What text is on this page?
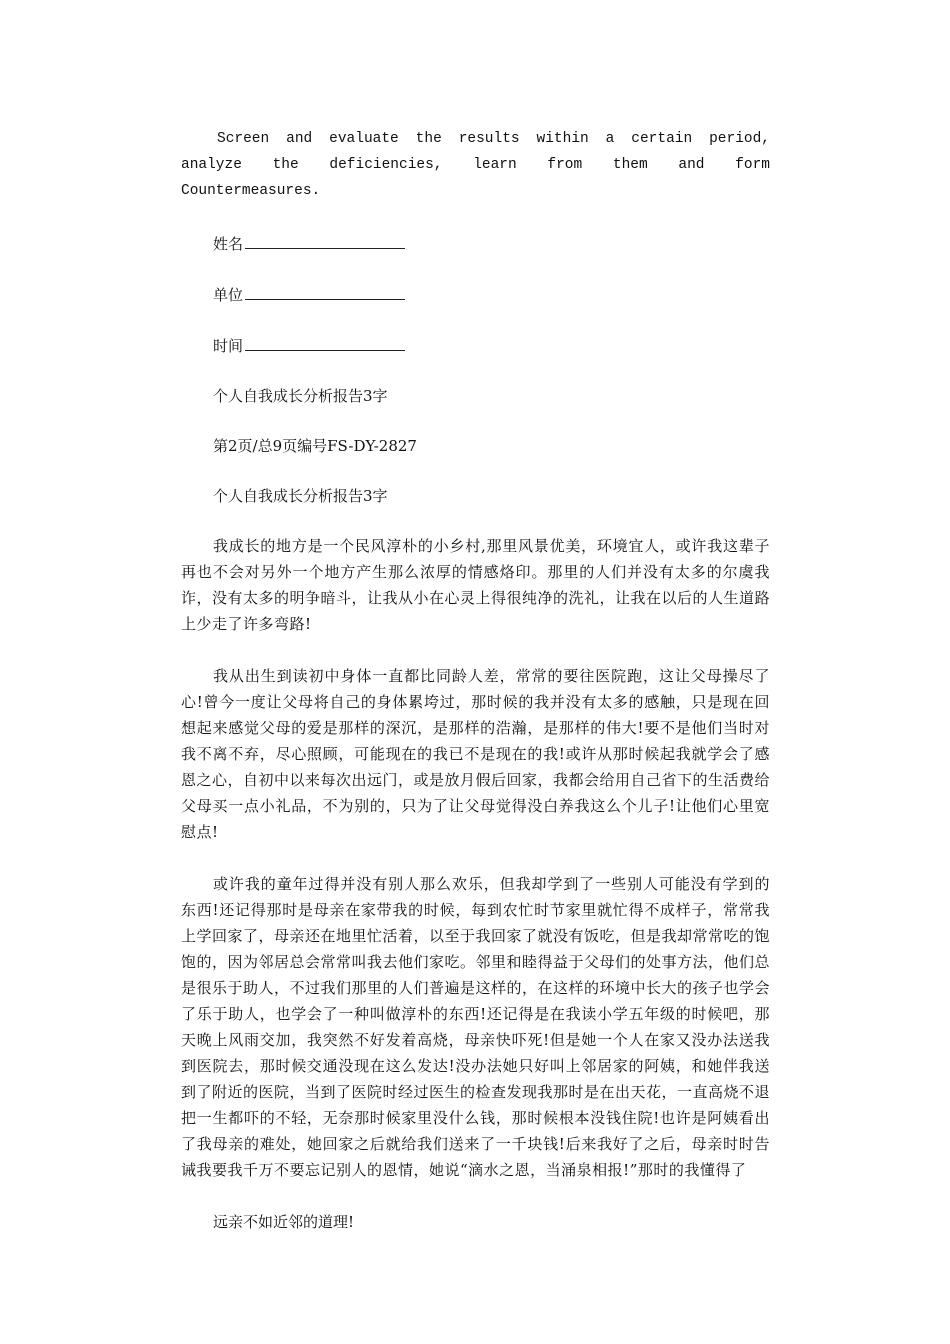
Screen and evaluate the results within a certain period, analyze the deficiencies, learn from them and form Countermeasures.

姓名
单位
时间
个人自我成长分析报告3字
第2页/总9页编号FS-DY-2827
个人自我成长分析报告3字

我成长的地方是一个民风淳朴的小乡村,那里风景优美，环境宜人，或许我这辈子再也不会对另外一个地方产生那么浓厚的情感烙印。那里的人们并没有太多的尔虞我诈，没有太多的明争暗斗，让我从小在心灵上得很纯净的洗礼，让我在以后的人生道路上少走了许多弯路!

我从出生到读初中身体一直都比同龄人差，常常的要往医院跑，这让父母操尽了心!曾今一度让父母将自己的身体累垮过，那时候的我并没有太多的感触，只是现在回想起来感觉父母的爱是那样的深沉，是那样的浩瀚，是那样的伟大!要不是他们当时对我不离不弃，尽心照顾，可能现在的我已不是现在的我!或许从那时候起我就学会了感恩之心，自初中以来每次出远门，或是放月假后回家，我都会给用自己省下的生活费给父母买一点小礼品，不为别的，只为了让父母觉得没白养我这么个儿子!让他们心里宽慰点!

或许我的童年过得并没有别人那么欢乐，但我却学到了一些别人可能没有学到的东西!还记得那时是母亲在家带我的时候，每到农忙时节家里就忙得不成样子，常常我上学回家了，母亲还在地里忙活着，以至于我回家了就没有饭吃，但是我却常常吃的饱饱的，因为邻居总会常常叫我去他们家吃。邻里和睦得益于父母们的处事方法，他们总是很乐于助人，不过我们那里的人们普遍是这样的，在这样的环境中长大的孩子也学会了乐于助人，也学会了一种叫做淳朴的东西!还记得是在我读小学五年级的时候吧，那天晚上风雨交加，我突然不好发着高烧，母亲快吓死!但是她一个人在家又没办法送我到医院去，那时候交通没现在这么发达!没办法她只好叫上邻居家的阿姨，和她伴我送到了附近的医院，当到了医院时经过医生的检查发现我那时是在出天花，一直高烧不退把一生都吓的不轻，无奈那时候家里没什么钱，那时候根本没钱住院!也许是阿姨看出了我母亲的难处，她回家之后就给我们送来了一千块钱!后来我好了之后，母亲时时告诫我要我千万不要忘记别人的恩情，她说“滴水之恩，当涌泉相报!”那时的我懂得了

远亲不如近邻的道理!
